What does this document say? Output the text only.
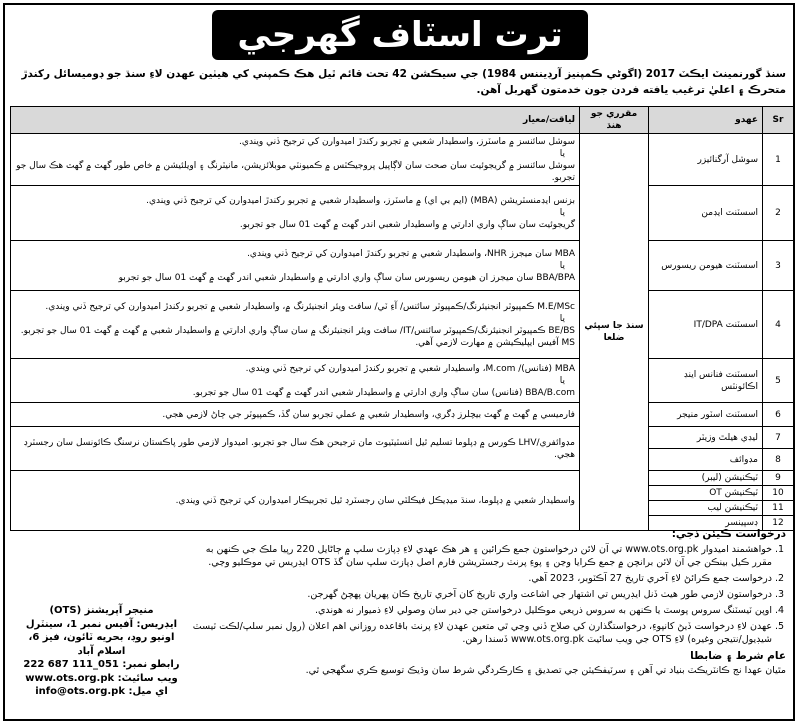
ترت اسٽاف گهرجي
سنڌ گورنمينٽ ايڪٽ 2017 (اگوڻي ڪمپنيز آرڊيننس 1984) جي سيڪشن 42 تحت قائم ٿيل هڪ ڪمپني کي هيٺين عهدن لاءِ سنڌ جو ڊوميسائل رکندڙ متحرڪ ۽ اعليٰ ترغيب يافته فردن جون خدمتون گهربل آهن.
Sr	عهدو	مقرري جو هنڌ	لياقت/معيار
1	سوشل آرگنائيزر	سنڌ جا سڀئي ضلعا	سوشل سائنسز ۾ ماسٽرز، واسطيدار شعبي ۾ تجربو رکندڙ اميدوارن کي ترجيح ڏني ويندي.
يا
سوشل سائنسز ۾ گريجوئيٽ سان صحت سان لاڳاپيل پروجيڪٽس ۾ ڪميونٽي موبلائزيشن، مانيٽرنگ ۽ اويلئيشن ۾ خاص طور گهٽ ۾ گهٽ هڪ سال جو تجربو.

2	اسسٽنٽ ايڊمن		بزنس ايڊمنسٽريشن (MBA) (ايم بي اي) ۾ ماسٽرز، واسطيدار شعبي ۾ تجربو رکندڙ اميدوارن کي ترجيح ڏني ويندي.
يا
گريجوئيٽ سان ساڳ واري ادارتي ۾ واسطيدار شعبي اندر گهٽ ۾ گهٽ 01 سال جو تجربو.

3	اسسٽنٽ هيومن ريسورس		MBA سان ميجرز NHR، واسطيدار شعبي ۾ تجربو رکندڙ اميدوارن کي ترجيح ڏني ويندي.
يا
BBA/BPA سان ميجرز ان هيومن ريسورس سان ساڳ واري ادارتي ۾ واسطيدار شعبي اندر گهٽ ۾ گهٽ 01 سال جو تجربو

4	اسسٽنٽ IT/DPA		M.E/MSc ڪمپيوٽر انجنيئرنگ/ڪمپيوٽر سائنس/ آءِ ٽي/ سافٽ ويئر انجنيئرنگ ۾، واسطيدار شعبي ۾ تجربو رکندڙ اميدوارن کي ترجيح ڏني ويندي.
يا
BE/BS ڪمپيوٽر انجنيئرنگ/ڪمپيوٽر سائنس/IT/ سافٽ ويئر انجنيئرنگ ۾ سان ساڳ واري ادارتي ۾ واسطيدار شعبي ۾ گهٽ ۾ گهٽ 01 سال جو تجربو. MS آفيس ايپليڪيشن ۾ مهارت لازمي آهي.

5	اسسٽنٽ فنانس اينڊ اڪائونٽس		MBA (فنانس)/ M.com، واسطيدار شعبي ۾ تجربو رکندڙ اميدوارن کي ترجيح ڏني ويندي.
يا
BBA/B.com (فنانس) سان ساڳ واري ادارتي ۾ واسطيدار شعبي اندر گهٽ ۾ گهٽ 01 سال جو تجربو.

6	اسسٽنٽ اسٽور منيجر		فارميسي ۾ گهٽ ۾ گهٽ بيچلرز ڊگري، واسطيدار شعبي ۾ عملي تجربو سان گڏ، ڪمپيوٽر جي ڄاڻ لازمي هجي.
7	ليڊي هيلٿ وزيٽر		مڊوائفري/LHV ڪورس ۾ ڊپلوما تسليم ٿيل انسٽيٽيوٽ مان ترجيحن هڪ سال جو تجربو. اميدوار لازمي طور پاڪستان نرسنگ ڪائونسل سان رجسٽرڊ هجي.
8	مڊوائف		
9	ٽيڪنيشن (ليبر)		واسطيدار شعبي ۾ ڊپلوما، سنڌ ميڊيڪل فيڪلٽي سان رجسٽرڊ ٿيل تجربيڪار اميدوارن کي ترجيح ڏني ويندي.
10	ٽيڪنيشن OT		
11	ٽيڪنيشن ليب		
12	ڊسپينسر		
درخواست ڪيئن ڏجي:
1. خواهشمند اميدوار www.ots.org.pk تي آن لائن درخواستون جمع ڪرائين ۽ هر هڪ عهدي لاءِ ڊپازٽ سلپ ۾ ڄاڻايل 220 رپيا ملڪ جي ڪنهن به مقرر ڪيل بينڪن جي آن لائن برانچن ۾ جمع ڪرايا وڃن ۽ پوءِ پرنٽ رجسٽريشن فارم اصل ڊپازٽ سلپ سان گڏ OTS ايڊريس تي موڪليو وڃي.
2. درخواست جمع ڪرائڻ لاءِ آخري تاريخ 27 آڪٽوبر، 2023 آهي.
3. درخواستون لازمي طور هيٺ ڏنل ايڊريس تي اشتهار جي اشاعت واري تاريخ کان آخري تاريخ ڪان پهريان پهچڻ گهرجن.
4. اوپن ٽيسٽنگ سروس پوسٽ يا ڪنهن به سروس ذريعي موڪليل درخواستن جي دير سان وصولي لاءِ ذميوار نه هوندي.
5. عهدن لاءِ درخواست ڏيڻ کانپوءِ، درخواستگذارن کي صلاح ڏني وڃي ٿي متعين عهدن لاءِ پرنٽ باقاعده روزاني اهم اعلان (رول نمبر سلپ/لڪت ٽيسٽ شيڊيول/نتيجن وغيره) لاءِ OTS جي ويب سائيٽ www.ots.org.pk ڏسندا رهن.
عام شرط ۽ ضابطا
مٿيان عهدا نج ڪانٽريڪٽ بنياد تي آهن ۽ سرٽيفڪيٽن جي تصديق ۽ ڪارڪردگي شرط سان وڌيڪ توسيع ڪري سگهجي ٿي.
منيجر آپريشنز (OTS)
ايڊريس: آفيس نمبر 1، سينٽرل
اونيو روڊ، بحريه ٽائون، فيز 6، اسلام آباد
رابطو نمبر: 051_111 687 222
ويب سائيٽ: www.ots.org.pk
اي ميل: info@ots.org.pk
